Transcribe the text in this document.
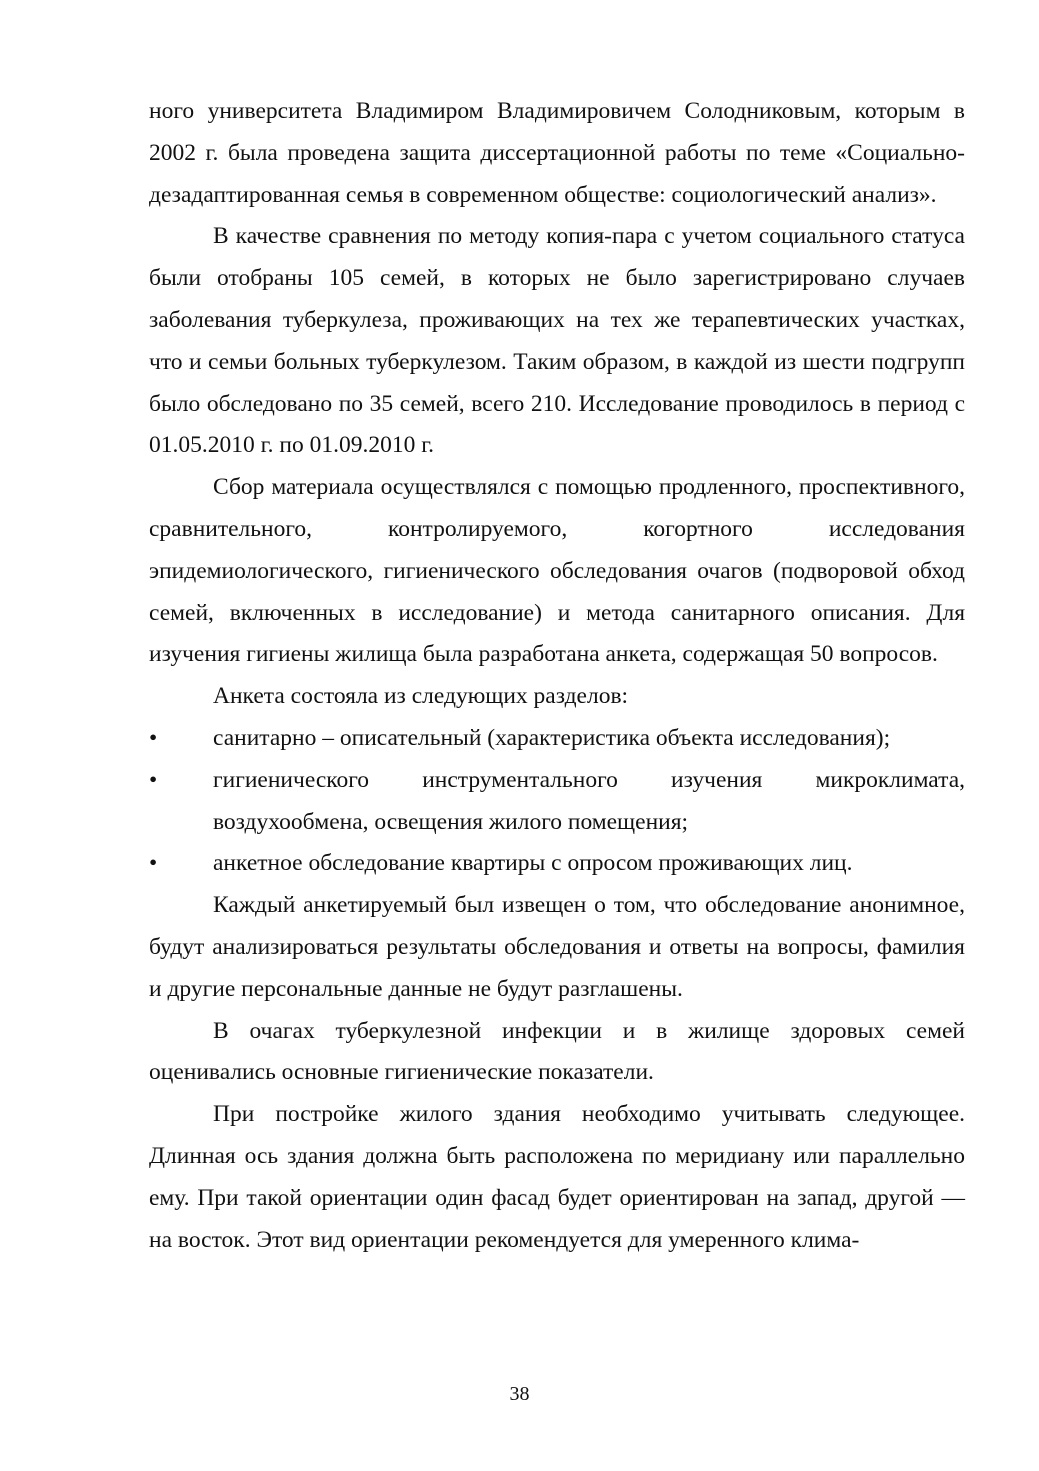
ного университета Владимиром Владимировичем Солодниковым, которым в 2002 г. была проведена защита диссертационной работы по теме «Социально-дезадаптированная семья в современном обществе: социологический анализ».

В качестве сравнения по методу копия-пара с учетом социального статуса были отобраны 105 семей, в которых не было зарегистрировано случаев заболевания туберкулеза, проживающих на тех же терапевтических участках, что и семьи больных туберкулезом. Таким образом, в каждой из шести подгрупп было обследовано по 35 семей, всего 210. Исследование проводилось в период с 01.05.2010 г. по 01.09.2010 г.

Сбор материала осуществлялся с помощью продленного, проспективного, сравнительного, контролируемого, когортного исследования эпидемиологического, гигиенического обследования очагов (подворовой обход семей, включенных в исследование) и метода санитарного описания. Для изучения гигиены жилища была разработана анкета, содержащая 50 вопросов.

Анкета состояла из следующих разделов:

•	санитарно – описательный (характеристика объекта исследования);
•	гигиенического инструментального изучения микроклимата, воздухообмена, освещения жилого помещения;
•	анкетное обследование квартиры с опросом проживающих лиц.

Каждый анкетируемый был извещен о том, что обследование анонимное, будут анализироваться результаты обследования и ответы на вопросы, фамилия и другие персональные данные не будут разглашены.

В очагах туберкулезной инфекции и в жилище здоровых семей оценивались основные гигиенические показатели.

При постройке жилого здания необходимо учитывать следующее. Длинная ось здания должна быть расположена по меридиану или параллельно ему. При такой ориентации один фасад будет ориентирован на запад, другой — на восток. Этот вид ориентации рекомендуется для умеренного клима-

38
